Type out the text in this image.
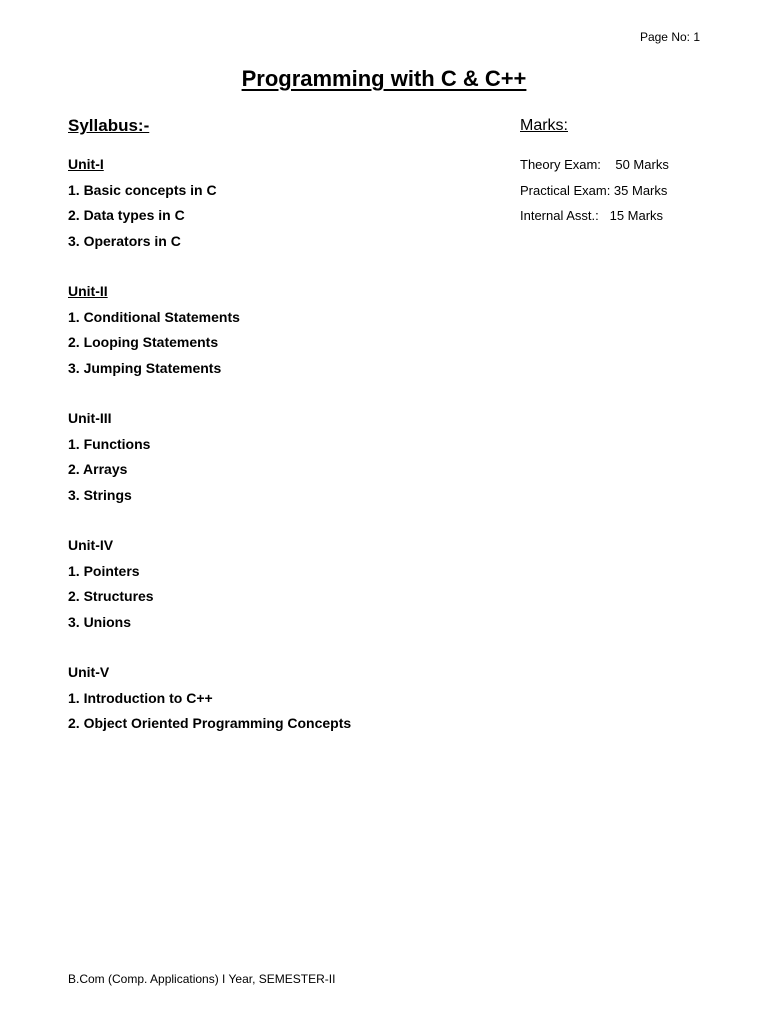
Page No: 1
Programming with C & C++
Syllabus:-
Unit-I
1. Basic concepts in C
2. Data types in C
3. Operators in C
Unit-II
1. Conditional Statements
2. Looping Statements
3. Jumping Statements
Unit-III
1. Functions
2. Arrays
3. Strings
Unit-IV
1. Pointers
2. Structures
3. Unions
Unit-V
1. Introduction to C++
2. Object Oriented Programming Concepts
Marks:
Theory Exam:    50 Marks
Practical Exam: 35 Marks
Internal Asst.:   15 Marks
B.Com (Comp. Applications) I Year, SEMESTER-II
